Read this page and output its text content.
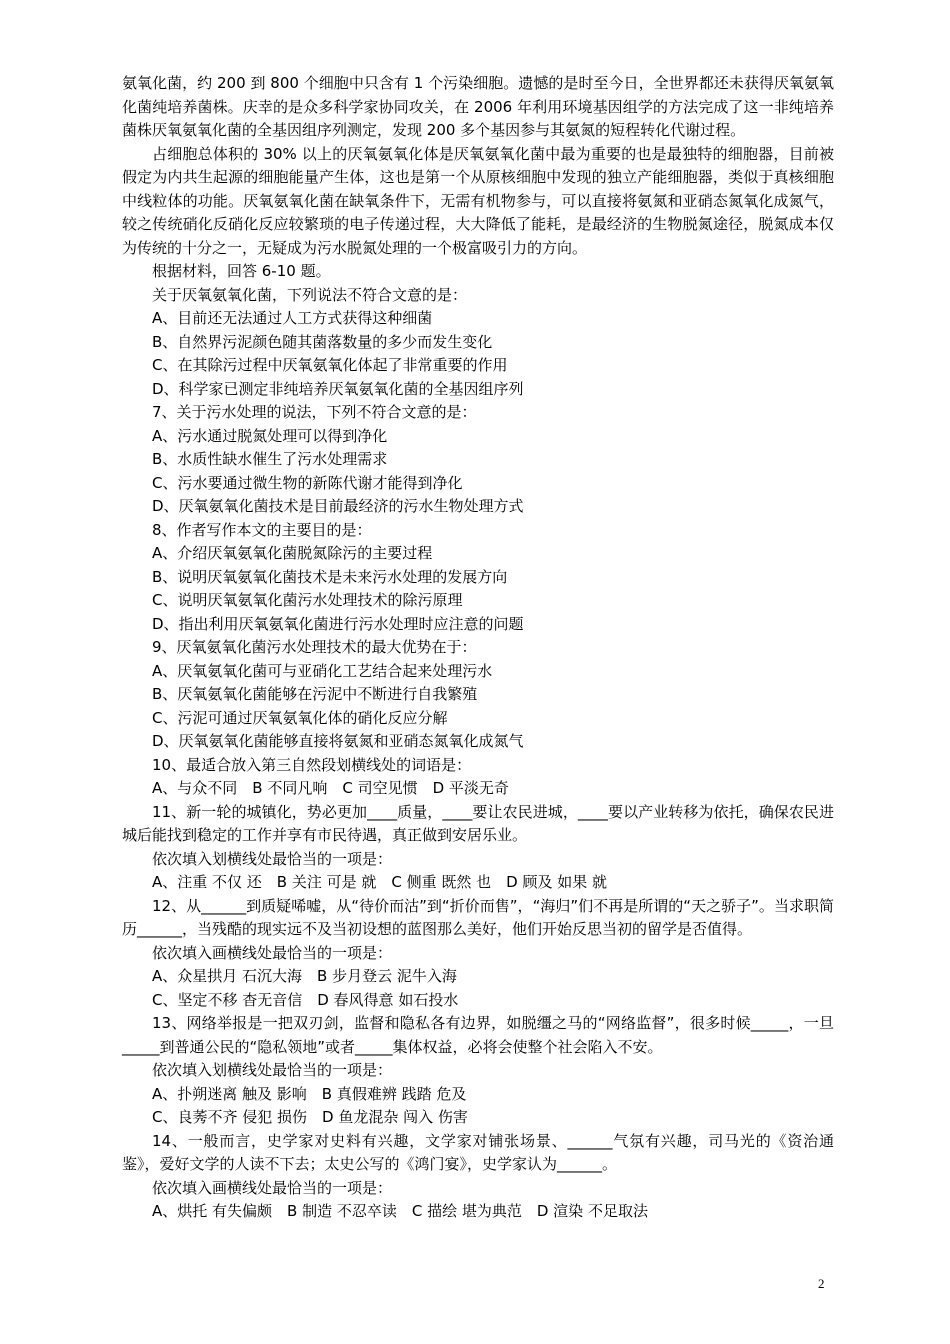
氨氧化菌，约 200 到 800 个细胞中只含有 1 个污染细胞。遗憾的是时至今日，全世界都还未获得厌氧氨氧化菌纯培养菌株。庆幸的是众多科学家协同攻关，在 2006 年利用环境基因组学的方法完成了这一非纯培养菌株厌氧氨氧化菌的全基因组序列测定，发现 200 多个基因参与其氨氮的短程转化代谢过程。

占细胞总体积的 30% 以上的厌氧氨氧化体是厌氧氨氧化菌中最为重要的也是最独特的细胞器，目前被假定为内共生起源的细胞能量产生体，这也是第一个从原核细胞中发现的独立产能细胞器，类似于真核细胞中线粒体的功能。厌氧氨氧化菌在缺氧条件下，无需有机物参与，可以直接将氨氮和亚硝态氮氧化成氮气，较之传统硝化反硝化反应较繁琐的电子传递过程，大大降低了能耗，是最经济的生物脱氮途径，脱氮成本仅为传统的十分之一，无疑成为污水脱氮处理的一个极富吸引力的方向。

根据材料，回答 6-10 题。

关于厌氧氨氧化菌，下列说法不符合文意的是：

A、目前还无法通过人工方式获得这种细菌

B、自然界污泥颜色随其菌落数量的多少而发生变化

C、在其除污过程中厌氧氨氧化体起了非常重要的作用

D、科学家已测定非纯培养厌氧氨氧化菌的全基因组序列

7、关于污水处理的说法，下列不符合文意的是：

A、污水通过脱氮处理可以得到净化

B、水质性缺水催生了污水处理需求

C、污水要通过微生物的新陈代谢才能得到净化

D、厌氧氨氧化菌技术是目前最经济的污水生物处理方式

8、作者写作本文的主要目的是：

A、介绍厌氧氨氧化菌脱氮除污的主要过程

B、说明厌氧氨氧化菌技术是未来污水处理的发展方向

C、说明厌氧氨氧化菌污水处理技术的除污原理

D、指出利用厌氧氨氧化菌进行污水处理时应注意的问题

9、厌氧氨氧化菌污水处理技术的最大优势在于：

A、厌氧氨氧化菌可与亚硝化工艺结合起来处理污水

B、厌氧氨氧化菌能够在污泥中不断进行自我繁殖

C、污泥可通过厌氧氨氧化体的硝化反应分解

D、厌氧氨氧化菌能够直接将氨氮和亚硝态氮氧化成氮气

10、最适合放入第三自然段划横线处的词语是：

A、与众不同　B 不同凡响　C 司空见惯　D 平淡无奇

11、新一轮的城镇化，势必更加____质量，____要让农民进城，____要以产业转移为依托，确保农民进城后能找到稳定的工作并享有市民待遇，真正做到安居乐业。

依次填入划横线处最恰当的一项是：

A、注重 不仅 还　B 关注 可是 就　C 侧重 既然 也　D 顾及 如果 就

12、从______到质疑唏嘘，从“待价而沽”到“折价而售”，“海归”们不再是所谓的“天之骄子”。当求职简历______，当残酷的现实远不及当初设想的蓝图那么美好，他们开始反思当初的留学是否值得。

依次填入画横线处最恰当的一项是：

A、众星拱月 石沉大海　B 步月登云 泥牛入海

C、坚定不移 杳无音信　D 春风得意 如石投水

13、网络举报是一把双刃剑，监督和隐私各有边界，如脱缰之马的“网络监督”，很多时候_____，一旦_____到普通公民的“隐私领地”或者_____集体权益，必将会使整个社会陷入不安。

依次填入划横线处最恰当的一项是：

A、扑朔迷离 触及 影响　B 真假难辨 践踏 危及

C、良莠不齐 侵犯 损伤　D 鱼龙混杂 闯入 伤害

14、一般而言，史学家对史料有兴趣，文学家对铺张场景、______气氛有兴趣，司马光的《资治通鉴》，爱好文学的人读不下去；太史公写的《鸿门宴》，史学家认为______。

依次填入画横线处最恰当的一项是：

A、烘托 有失偏颇　B 制造 不忍卒读　C 描绘 堪为典范　D 渲染 不足取法

2
